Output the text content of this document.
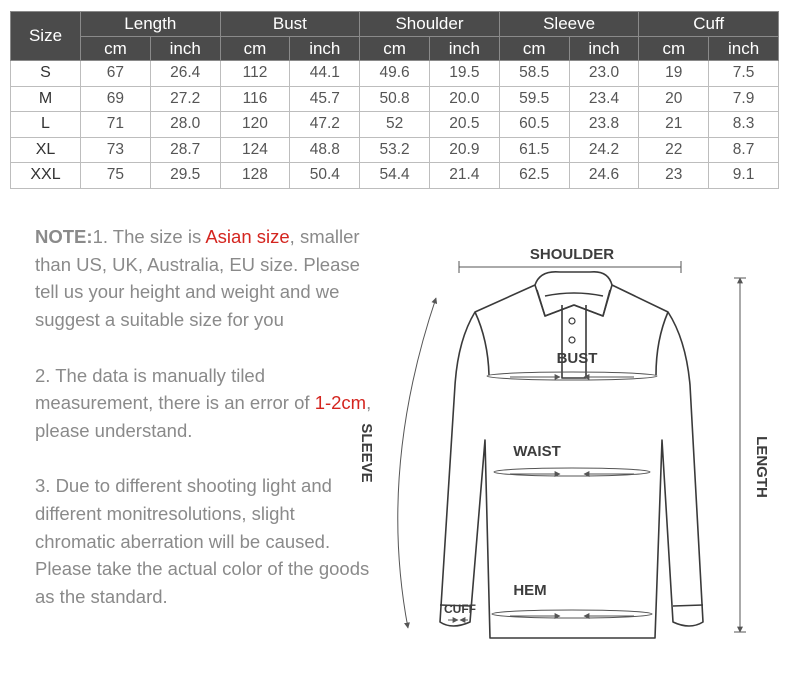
Size	Length		Bust		Shoulder		Sleeve		Cuff	
	cm	inch	cm	inch	cm	inch	cm	inch	cm	inch
S	67	26.4	112	44.1	49.6	19.5	58.5	23.0	19	7.5
M	69	27.2	116	45.7	50.8	20.0	59.5	23.4	20	7.9
L	71	28.0	120	47.2	52	20.5	60.5	23.8	21	8.3
XL	73	28.7	124	48.8	53.2	20.9	61.5	24.2	22	8.7
XXL	75	29.5	128	50.4	54.4	21.4	62.5	24.6	23	9.1

NOTE:1. The size is Asian size, smaller than US, UK, Australia, EU size. Please tell us your height and weight and we suggest a suitable size for you

2. The data is manually tiled measurement, there is an error of 1-2cm, please understand.

3. Due to different shooting light and different monitresolutions, slight chromatic aberration will be caused. Please take the actual color of the goods as the standard.

SHOULDER
BUST
WAIST
HEM
CUFF
SLEEVE	LENGTH
